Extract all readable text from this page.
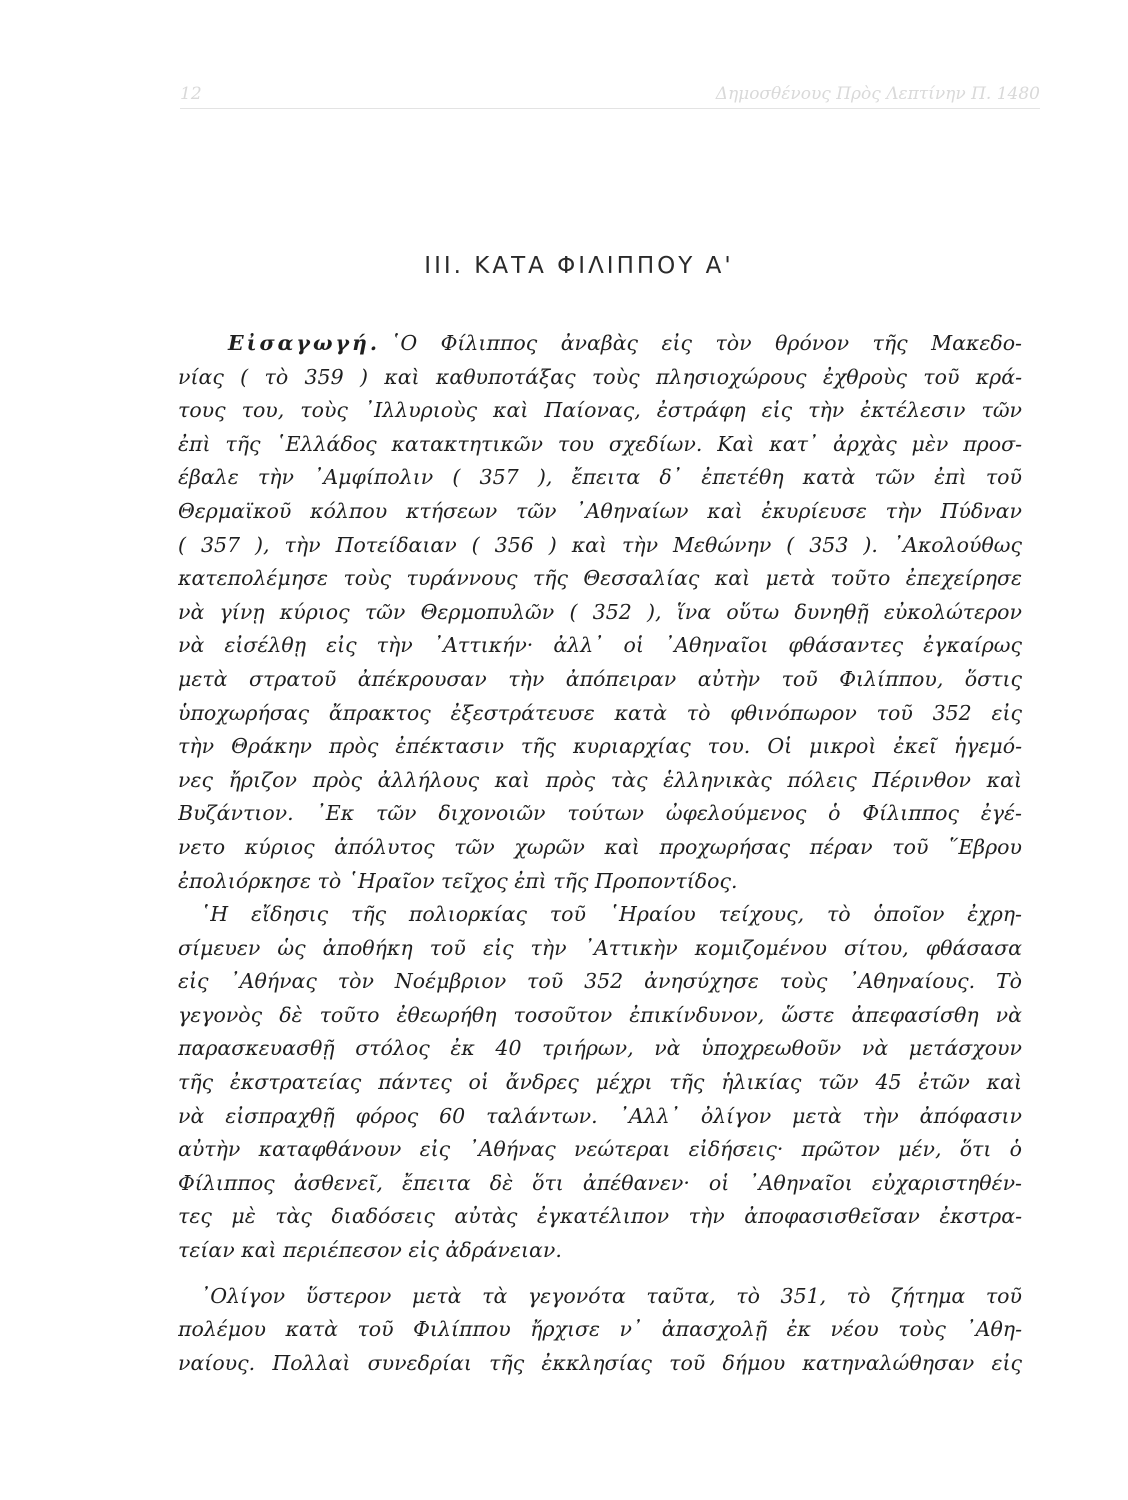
12	Δημοσθένους Πρὸς Λεπτίνην Π. 1480
III. ΚΑΤΑ ΦΙΛΙΠΠΟΥ Α'
Εἰσαγωγή. ῾Ο Φίλιππος ἀναβὰς εἰς τὸν θρόνον τῆς Μακεδο-
νίας ( τὸ 359 ) καὶ καθυποτάξας τοὺς πλησιοχώρους ἐχθροὺς τοῦ κρά-
τους του, τοὺς ᾿Ιλλυριοὺς καὶ Παίονας, ἐστράφη εἰς τὴν ἐκτέλεσιν τῶν
ἐπὶ τῆς ῾Ελλάδος κατακτητικῶν του σχεδίων. Καὶ κατ᾿ ἀρχὰς μὲν προσ-
έβαλε τὴν ᾿Αμφίπολιν ( 357 ), ἔπειτα δ᾿ ἐπετέθη κατὰ τῶν ἐπὶ τοῦ
Θερμαϊκοῦ κόλπου κτήσεων τῶν ᾿Αθηναίων καὶ ἐκυρίευσε τὴν Πύδναν
( 357 ), τὴν Ποτείδαιαν ( 356 ) καὶ τὴν Μεθώνην ( 353 ). ᾿Ακολούθως
κατεπολέμησε τοὺς τυράννους τῆς Θεσσαλίας καὶ μετὰ τοῦτο ἐπεχείρησε
νὰ γίνῃ κύριος τῶν Θερμοπυλῶν ( 352 ), ἵνα οὕτω δυνηθῇ εὐκολώτερον
νὰ εἰσέλθῃ εἰς τὴν ᾿Αττικήν· ἀλλ᾿ οἱ ᾿Αθηναῖοι φθάσαντες ἐγκαίρως
μετὰ στρατοῦ ἀπέκρουσαν τὴν ἀπόπειραν αὐτὴν τοῦ Φιλίππου, ὅστις
ὑποχωρήσας ἄπρακτος ἐξεστράτευσε κατὰ τὸ φθινόπωρον τοῦ 352 εἰς
τὴν Θράκην πρὸς ἐπέκτασιν τῆς κυριαρχίας του. Οἱ μικροὶ ἐκεῖ ἡγεμό-
νες ἤριζον πρὸς ἀλλήλους καὶ πρὸς τὰς ἑλληνικὰς πόλεις Πέρινθον καὶ
Βυζάντιον. ᾿Εκ τῶν διχονοιῶν τούτων ὠφελούμενος ὁ Φίλιππος ἐγέ-
νετο κύριος ἀπόλυτος τῶν χωρῶν καὶ προχωρήσας πέραν τοῦ ῞Εβρου
ἐπολιόρκησε τὸ ῾Ηραῖον τεῖχος ἐπὶ τῆς Προποντίδος.
῾Η εἴδησις τῆς πολιορκίας τοῦ ῾Ηραίου τείχους, τὸ ὁποῖον ἐχρη-
σίμευεν ὡς ἀποθήκη τοῦ εἰς τὴν ᾿Αττικὴν κομιζομένου σίτου, φθάσασα
εἰς ᾿Αθήνας τὸν Νοέμβριον τοῦ 352 ἀνησύχησε τοὺς ᾿Αθηναίους. Τὸ
γεγονὸς δὲ τοῦτο ἐθεωρήθη τοσοῦτον ἐπικίνδυνον, ὥστε ἀπεφασίσθη νὰ
παρασκευασθῇ στόλος ἐκ 40 τριήρων, νὰ ὑποχρεωθοῦν νὰ μετάσχουν
τῆς ἐκστρατείας πάντες οἱ ἄνδρες μέχρι τῆς ἡλικίας τῶν 45 ἐτῶν καὶ
νὰ εἰσπραχθῇ φόρος 60 ταλάντων. ᾿Αλλ᾿ ὀλίγον μετὰ τὴν ἀπόφασιν
αὐτὴν καταφθάνουν εἰς ᾿Αθήνας νεώτεραι εἰδήσεις· πρῶτον μέν, ὅτι ὁ
Φίλιππος ἀσθενεῖ, ἔπειτα δὲ ὅτι ἀπέθανεν· οἱ ᾿Αθηναῖοι εὐχαριστηθέν-
τες μὲ τὰς διαδόσεις αὐτὰς ἐγκατέλιπον τὴν ἀποφασισθεῖσαν ἐκστρα-
τείαν καὶ περιέπεσον εἰς ἀδράνειαν.
᾿Ολίγον ὕστερον μετὰ τὰ γεγονότα ταῦτα, τὸ 351, τὸ ζήτημα τοῦ
πολέμου κατὰ τοῦ Φιλίππου ἤρχισε ν᾿ ἀπασχολῇ ἐκ νέου τοὺς ᾿Αθη-
ναίους. Πολλαὶ συνεδρίαι τῆς ἐκκλησίας τοῦ δήμου κατηναλώθησαν εἰς
